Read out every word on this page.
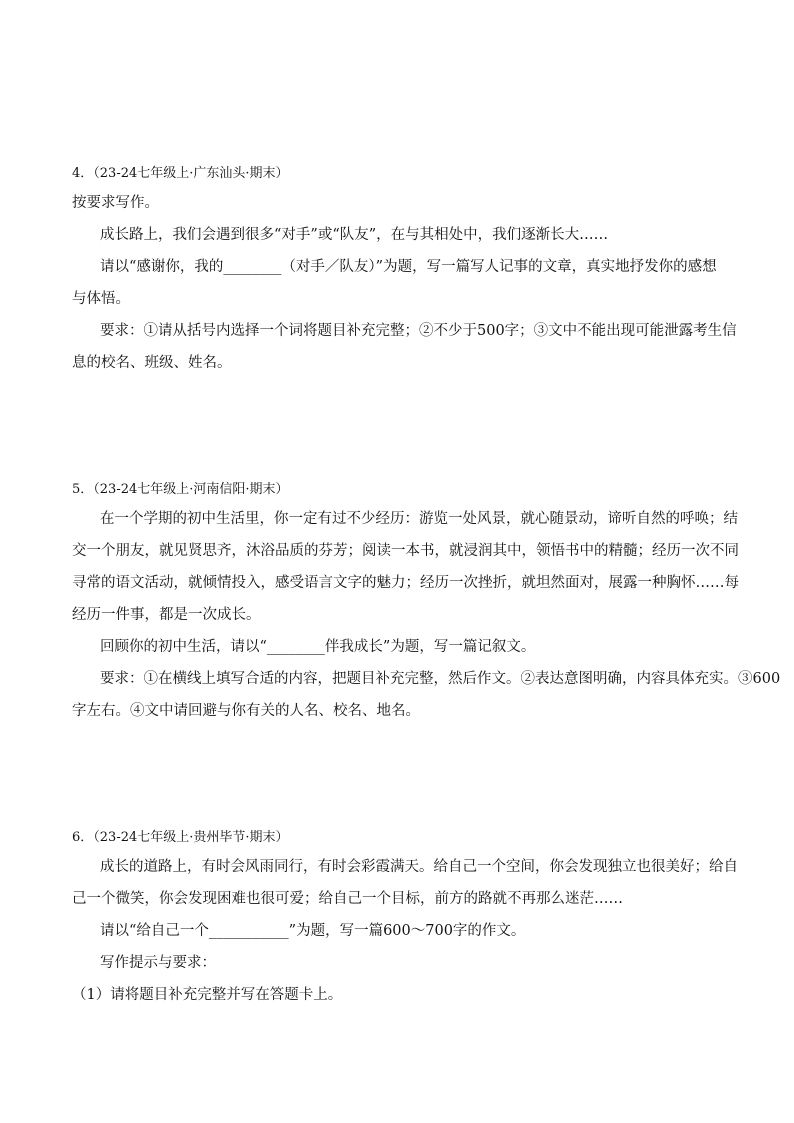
4．（23-24七年级上·广东汕头·期末）
按要求写作。
成长路上，我们会遇到很多“对手”或“队友”，在与其相处中，我们逐渐长大……
请以“感谢你，我的________（对手／队友）”为题，写一篇写人记事的文章，真实地抒发你的感想
与体悟。
要求：①请从括号内选择一个词将题目补充完整；②不少于500字；③文中不能出现可能泄露考生信
息的校名、班级、姓名。
5．（23-24七年级上·河南信阳·期末）
在一个学期的初中生活里，你一定有过不少经历：游览一处风景，就心随景动，谛听自然的呼唤；结
交一个朋友，就见贤思齐，沐浴品质的芬芳；阅读一本书，就浸润其中，领悟书中的精髓；经历一次不同
寻常的语文活动，就倾情投入，感受语言文字的魅力；经历一次挫折，就坦然面对，展露一种胸怀……每
经历一件事，都是一次成长。
回顾你的初中生活，请以“________伴我成长”为题，写一篇记叙文。
要求：①在横线上填写合适的内容，把题目补充完整，然后作文。②表达意图明确，内容具体充实。③600
字左右。④文中请回避与你有关的人名、校名、地名。
6．（23-24七年级上·贵州毕节·期末）
成长的道路上，有时会风雨同行，有时会彩霞满天。给自己一个空间，你会发现独立也很美好；给自
己一个微笑，你会发现困难也很可爱；给自己一个目标，前方的路就不再那么迷茫……
请以“给自己一个___________”为题，写一篇600～700字的作文。
写作提示与要求：
（1）请将题目补充完整并写在答题卡上。
